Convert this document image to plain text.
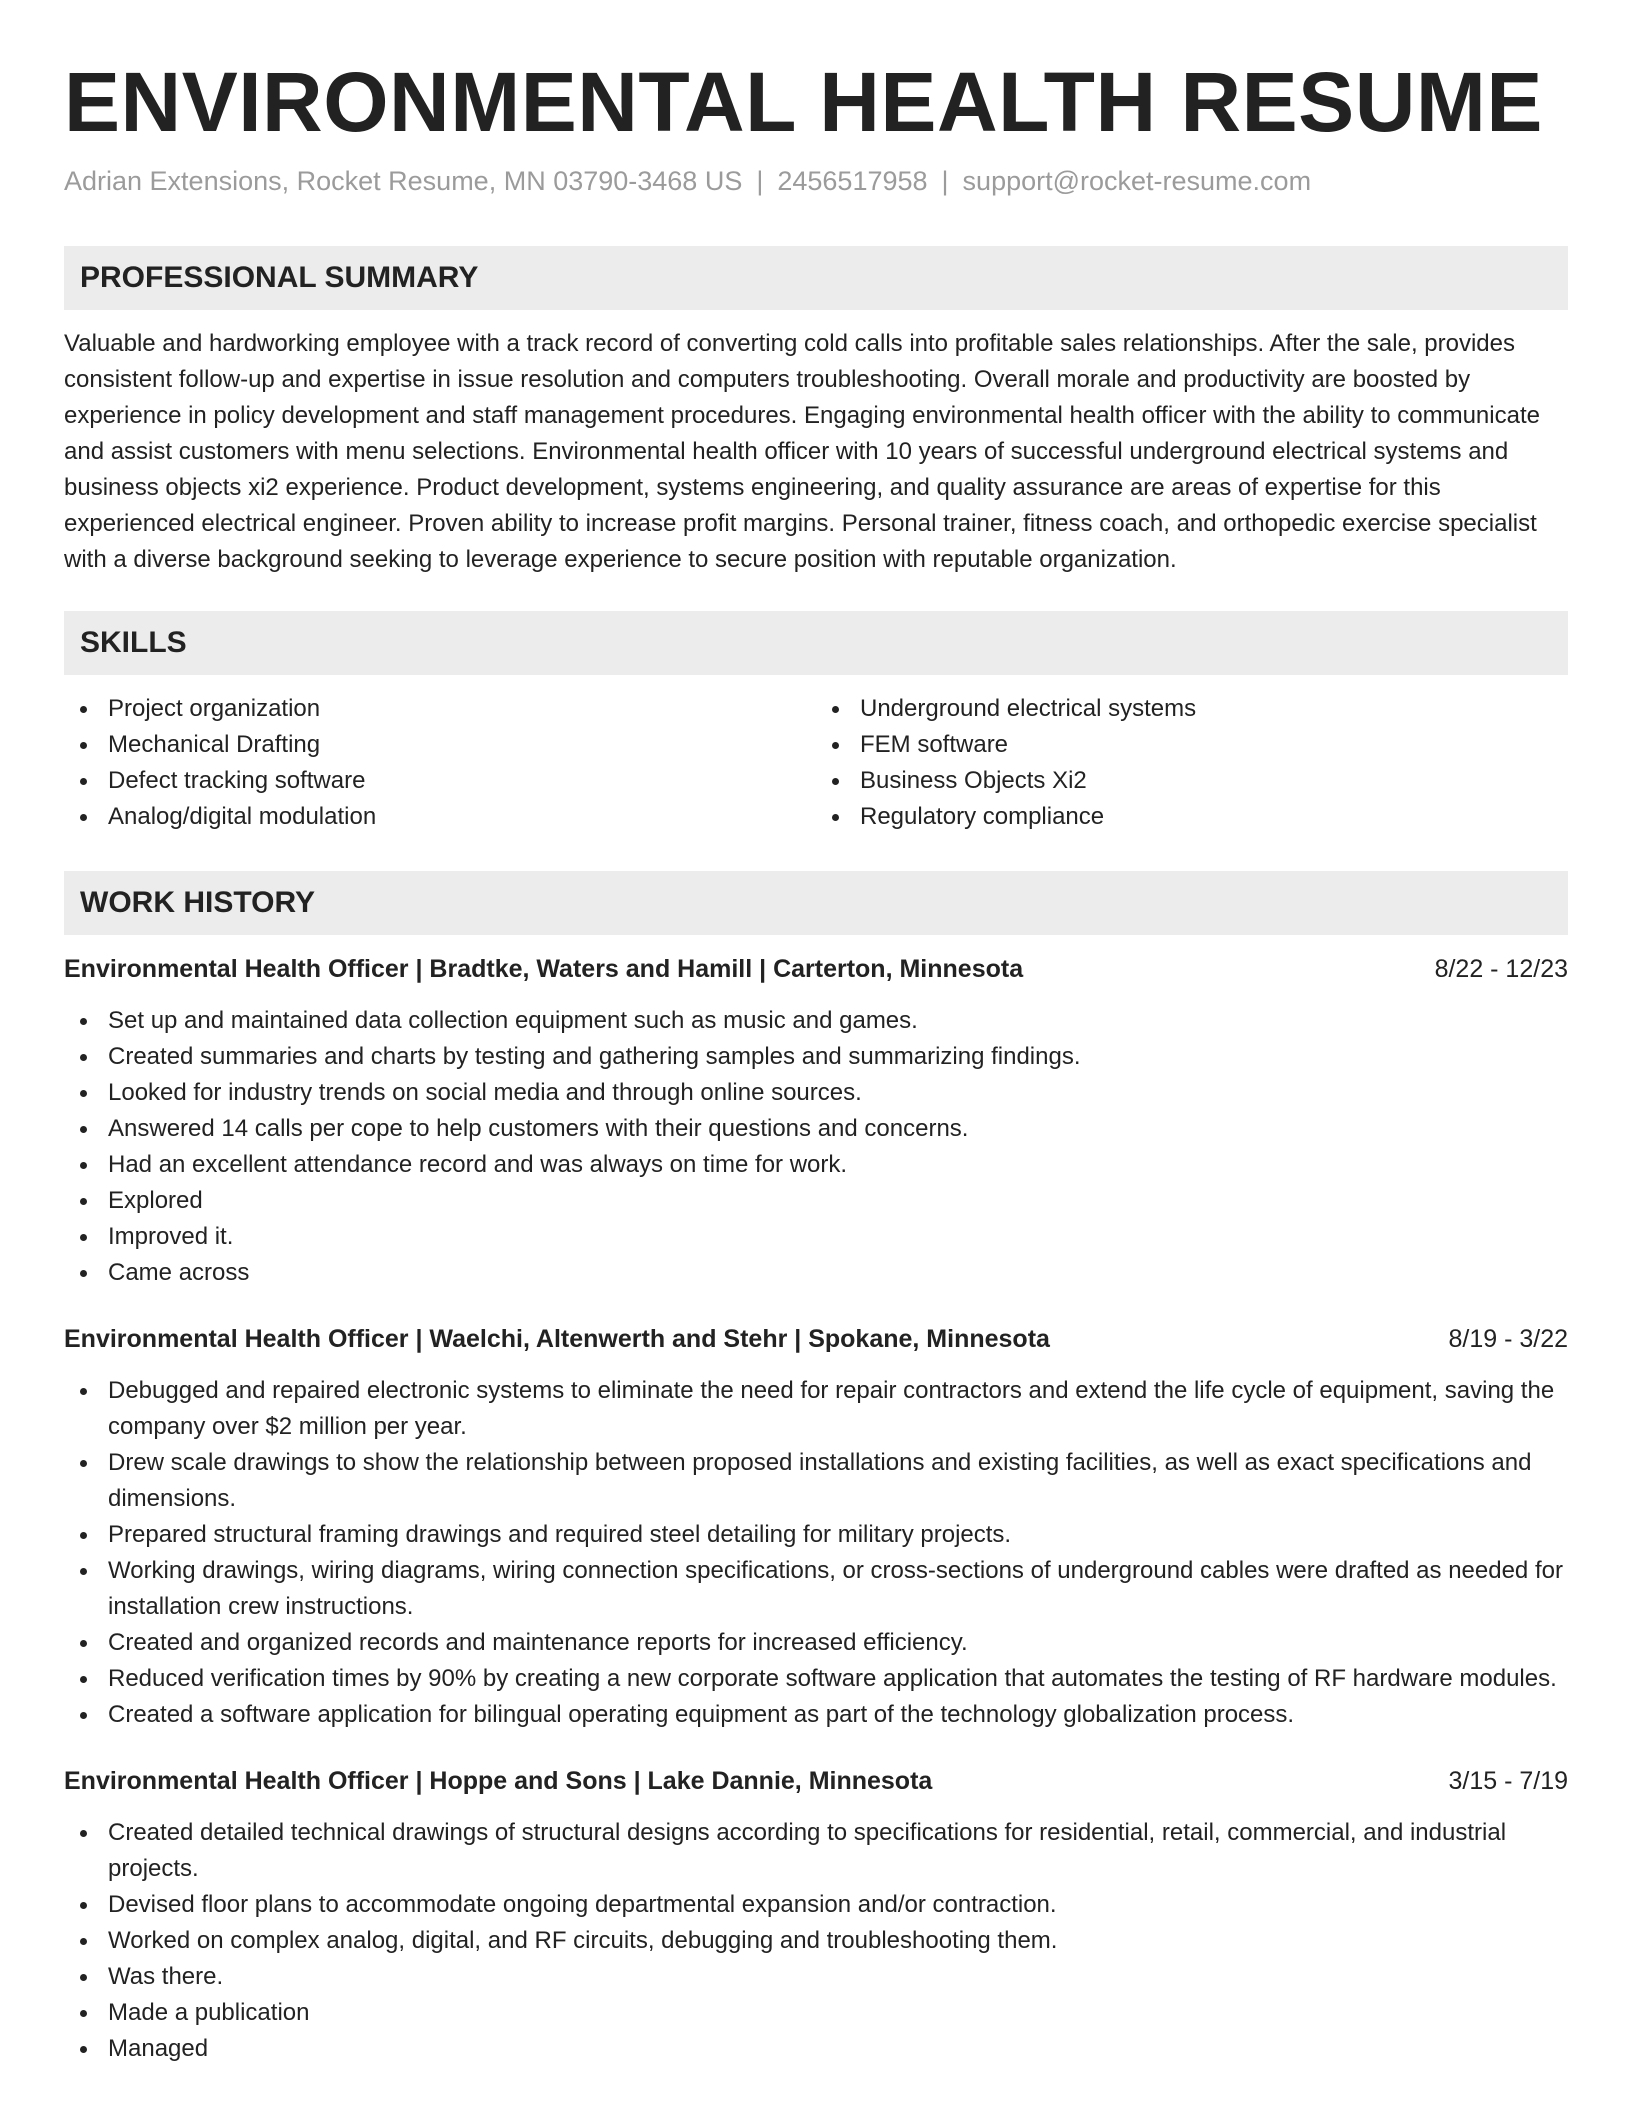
ENVIRONMENTAL HEALTH RESUME
Adrian Extensions, Rocket Resume, MN 03790-3468 US | 2456517958 | support@rocket-resume.com
PROFESSIONAL SUMMARY

Valuable and hardworking employee with a track record of converting cold calls into profitable sales relationships. After the sale, provides consistent follow-up and expertise in issue resolution and computers troubleshooting. Overall morale and productivity are boosted by experience in policy development and staff management procedures. Engaging environmental health officer with the ability to communicate and assist customers with menu selections. Environmental health officer with 10 years of successful underground electrical systems and business objects xi2 experience. Product development, systems engineering, and quality assurance are areas of expertise for this experienced electrical engineer. Proven ability to increase profit margins. Personal trainer, fitness coach, and orthopedic exercise specialist with a diverse background seeking to leverage experience to secure position with reputable organization.

SKILLS
Project organization
Mechanical Drafting
Defect tracking software
Analog/digital modulation
Underground electrical systems
FEM software
Business Objects Xi2
Regulatory compliance
WORK HISTORY
Environmental Health Officer | Bradtke, Waters and Hamill | Carterton, Minnesota	8/22 - 12/23
Set up and maintained data collection equipment such as music and games.
Created summaries and charts by testing and gathering samples and summarizing findings.
Looked for industry trends on social media and through online sources.
Answered 14 calls per cope to help customers with their questions and concerns.
Had an excellent attendance record and was always on time for work.
Explored
Improved it.
Came across
Environmental Health Officer | Waelchi, Altenwerth and Stehr | Spokane, Minnesota	8/19 - 3/22
Debugged and repaired electronic systems to eliminate the need for repair contractors and extend the life cycle of equipment, saving the company over $2 million per year.
Drew scale drawings to show the relationship between proposed installations and existing facilities, as well as exact specifications and dimensions.
Prepared structural framing drawings and required steel detailing for military projects.
Working drawings, wiring diagrams, wiring connection specifications, or cross-sections of underground cables were drafted as needed for installation crew instructions.
Created and organized records and maintenance reports for increased efficiency.
Reduced verification times by 90% by creating a new corporate software application that automates the testing of RF hardware modules.
Created a software application for bilingual operating equipment as part of the technology globalization process.
Environmental Health Officer | Hoppe and Sons | Lake Dannie, Minnesota	3/15 - 7/19
Created detailed technical drawings of structural designs according to specifications for residential, retail, commercial, and industrial projects.
Devised floor plans to accommodate ongoing departmental expansion and/or contraction.
Worked on complex analog, digital, and RF circuits, debugging and troubleshooting them.
Was there.
Made a publication
Managed
